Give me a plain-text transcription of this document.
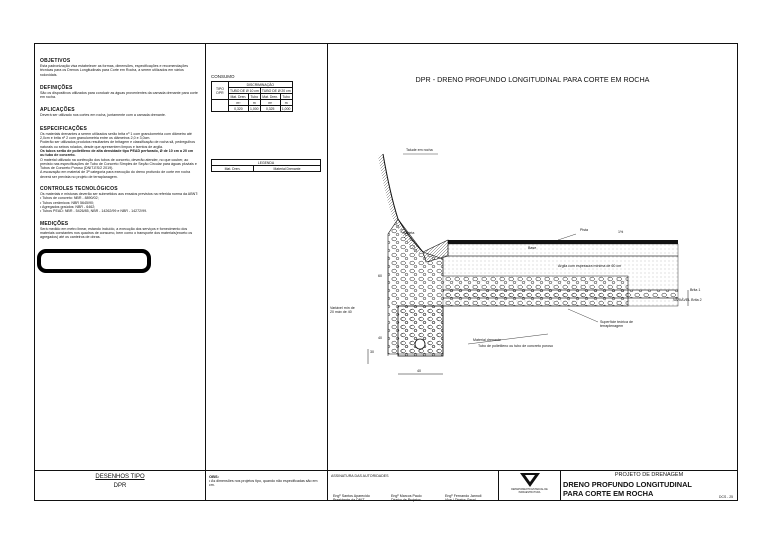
OBJETIVOS
Esta padronização visa estabelecer as formas, dimensões, especificações e recomendações técnicas para os Drenos Longitudinais para Corte em Rocha, a serem utilizados em vários rodovidais.
DEFINIÇÕES
São os dispositivos utilizados para conduzir as águas provenientes da camada drenante para corte em rocha.
APLICAÇÕES
Deverá ser utilizado nos cortes em rocha, juntamente com a camada drenante.
ESPECIFICAÇÕES
Os materiais drenantes a serem utilizados serão brita nº 1 com granulometria com diâmetro até 2,0cm e brita nº 2 com granulometria entre os diâmetros 2,0 e 3,0cm.
Poderão ser utilizados produtos resultantes de britagem e classificação de rocha sã, pedregulhos naturais ou seixos rolados, desde que apresentem limpos e isentos de argila.
Os tubos serão de polietileno de alta densidade tipo PEAD perfurado, Ø de 10 cm a 20 cm ou tubo de concreto.
O material utilizado na confecção dos tubos de concreto, deverão atender, no que couber, ao previsto nas especificações de Tubo de Concreto Simples de Seção Circular para águas pluviais e Tubos de Concreto Poroso (DNIT-ES/2 2019).
A escavação em material de 3ª categoria para execução do dreno profundo de corte em rocha deverá ser prevista no projeto de terraplanagem.
CONTROLES TECNOLÓGICOS
Os materiais e misturas deverão ser submetidos aos ensaios previstos na referida norma da ABNT:
• Tubos de concreto: NBR - 8890/02;
• Tubos cerâmicos: NBR 5645/90;
• Agregados graúdos: NBR - 6462;
• Tubos PEAD: NBR - 5426/85, NBR - 14262/99 e NBR - 14272/99.
MEDIÇÕES
Será medido em metro linear, estando incluído, a execução dos serviços e fornecimento dos materiais constantes nos quadros de consumo, bem como o transporte dos materiais(exceto os agregados) até os canteiros de obras.
CONSUMO
TIPO
DPR	DISCRIMINAÇÃO			
	TUBO DE Ø 10 cm		TUBO DE Ø 20 cm	
	Mat. Dren.	Tubo	Mat. Dren.	Tubo
	m³	m	m³	m
	0,320	1,000	0,325	1,000
LEGENDA
Mat. Dren.	Material Drenante
DPR - DRENO PROFUNDO LONGITUDINAL PARA CORTE EM ROCHA
Talude em rocha
Sarjeta
Pista	1%
Base
Argila com espessura mínima de 60 cm
60
40
30
Variável mín de 20 máx de 40
Brita 1
VARIÁVEL Brita 2
Superfície teórica de terraplenagem
Material drenante
Tubo de polietileno ou tubo de concreto poroso
40
DESENHOS TIPO
DPR
OBS:
• As dimensões nos projetos tipo, quando não especificadas são em cm.
ASSINATURA DAS AUTORIDADES
Engº Santos Aparecido
Presidente da DNIT
Engº Marcos Paulo
Diretor de Projetos
Engº Fernando Jannoli
Vice / Diretor Geral
DEPARTAMENTO ESTADUAL DE INFRAESTRUTURA
PROJETO DE DRENAGEM
DRENO PROFUNDO LONGITUDINAL
PARA CORTE EM ROCHA	DCS - 25
